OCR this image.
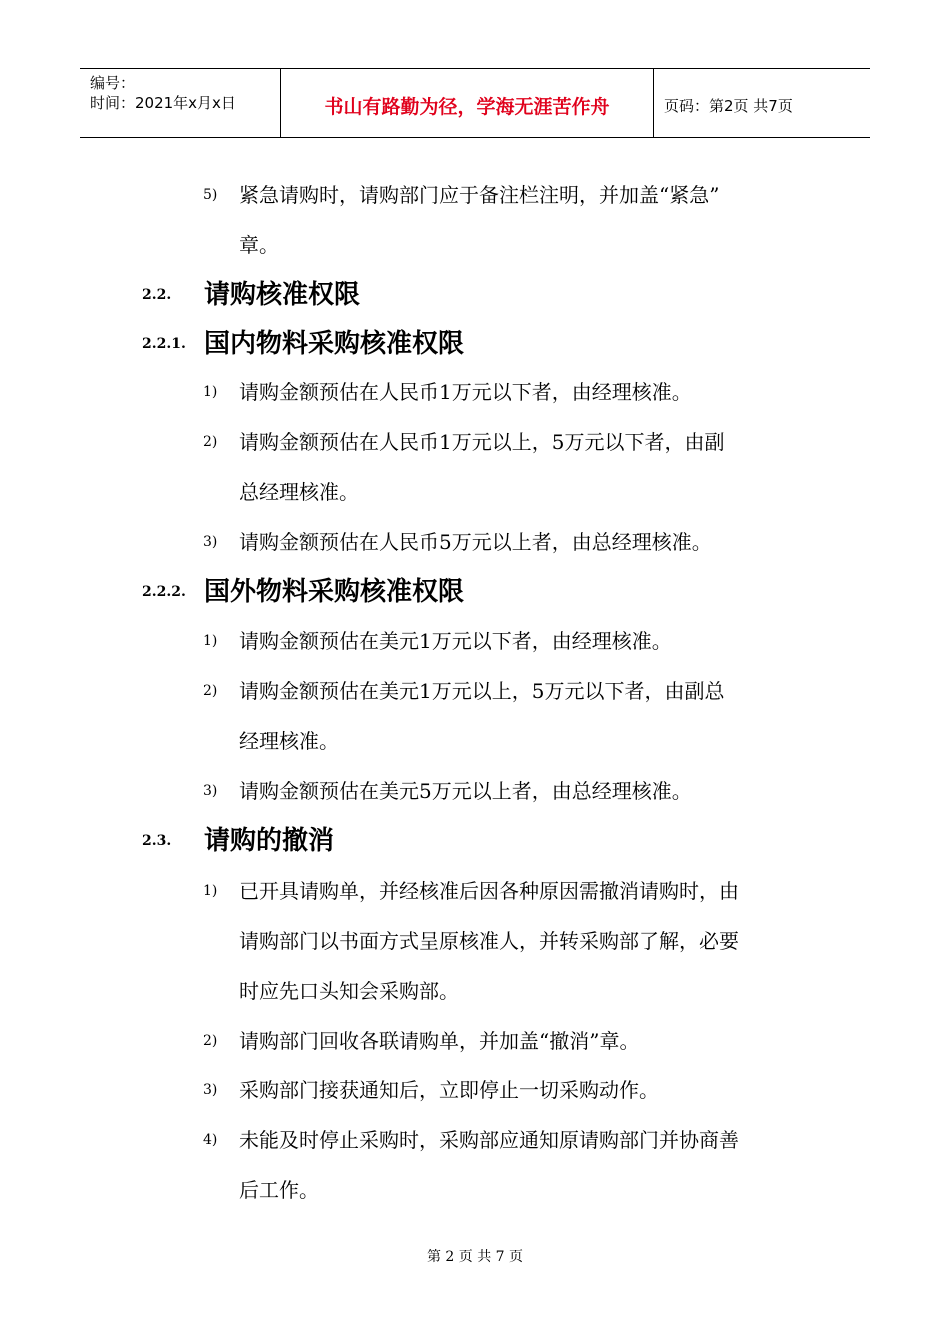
编号：
时间：2021年x月x日	书山有路勤为径，学海无涯苦作舟	页码：第2页 共7页
5) 紧急请购时，请购部门应于备注栏注明，并加盖“紧急”
章。
2.2. 请购核准权限
2.2.1. 国内物料采购核准权限
1) 请购金额预估在人民币1万元以下者，由经理核准。
2) 请购金额预估在人民币1万元以上，5万元以下者，由副
总经理核准。
3) 请购金额预估在人民币5万元以上者，由总经理核准。
2.2.2. 国外物料采购核准权限
1) 请购金额预估在美元1万元以下者，由经理核准。
2) 请购金额预估在美元1万元以上，5万元以下者，由副总
经理核准。
3) 请购金额预估在美元5万元以上者，由总经理核准。
2.3. 请购的撤消
1) 已开具请购单，并经核准后因各种原因需撤消请购时，由
请购部门以书面方式呈原核准人，并转采购部了解，必要
时应先口头知会采购部。
2) 请购部门回收各联请购单，并加盖“撤消”章。
3) 采购部门接获通知后，立即停止一切采购动作。
4) 未能及时停止采购时，采购部应通知原请购部门并协商善
后工作。
第 2 页 共 7 页
